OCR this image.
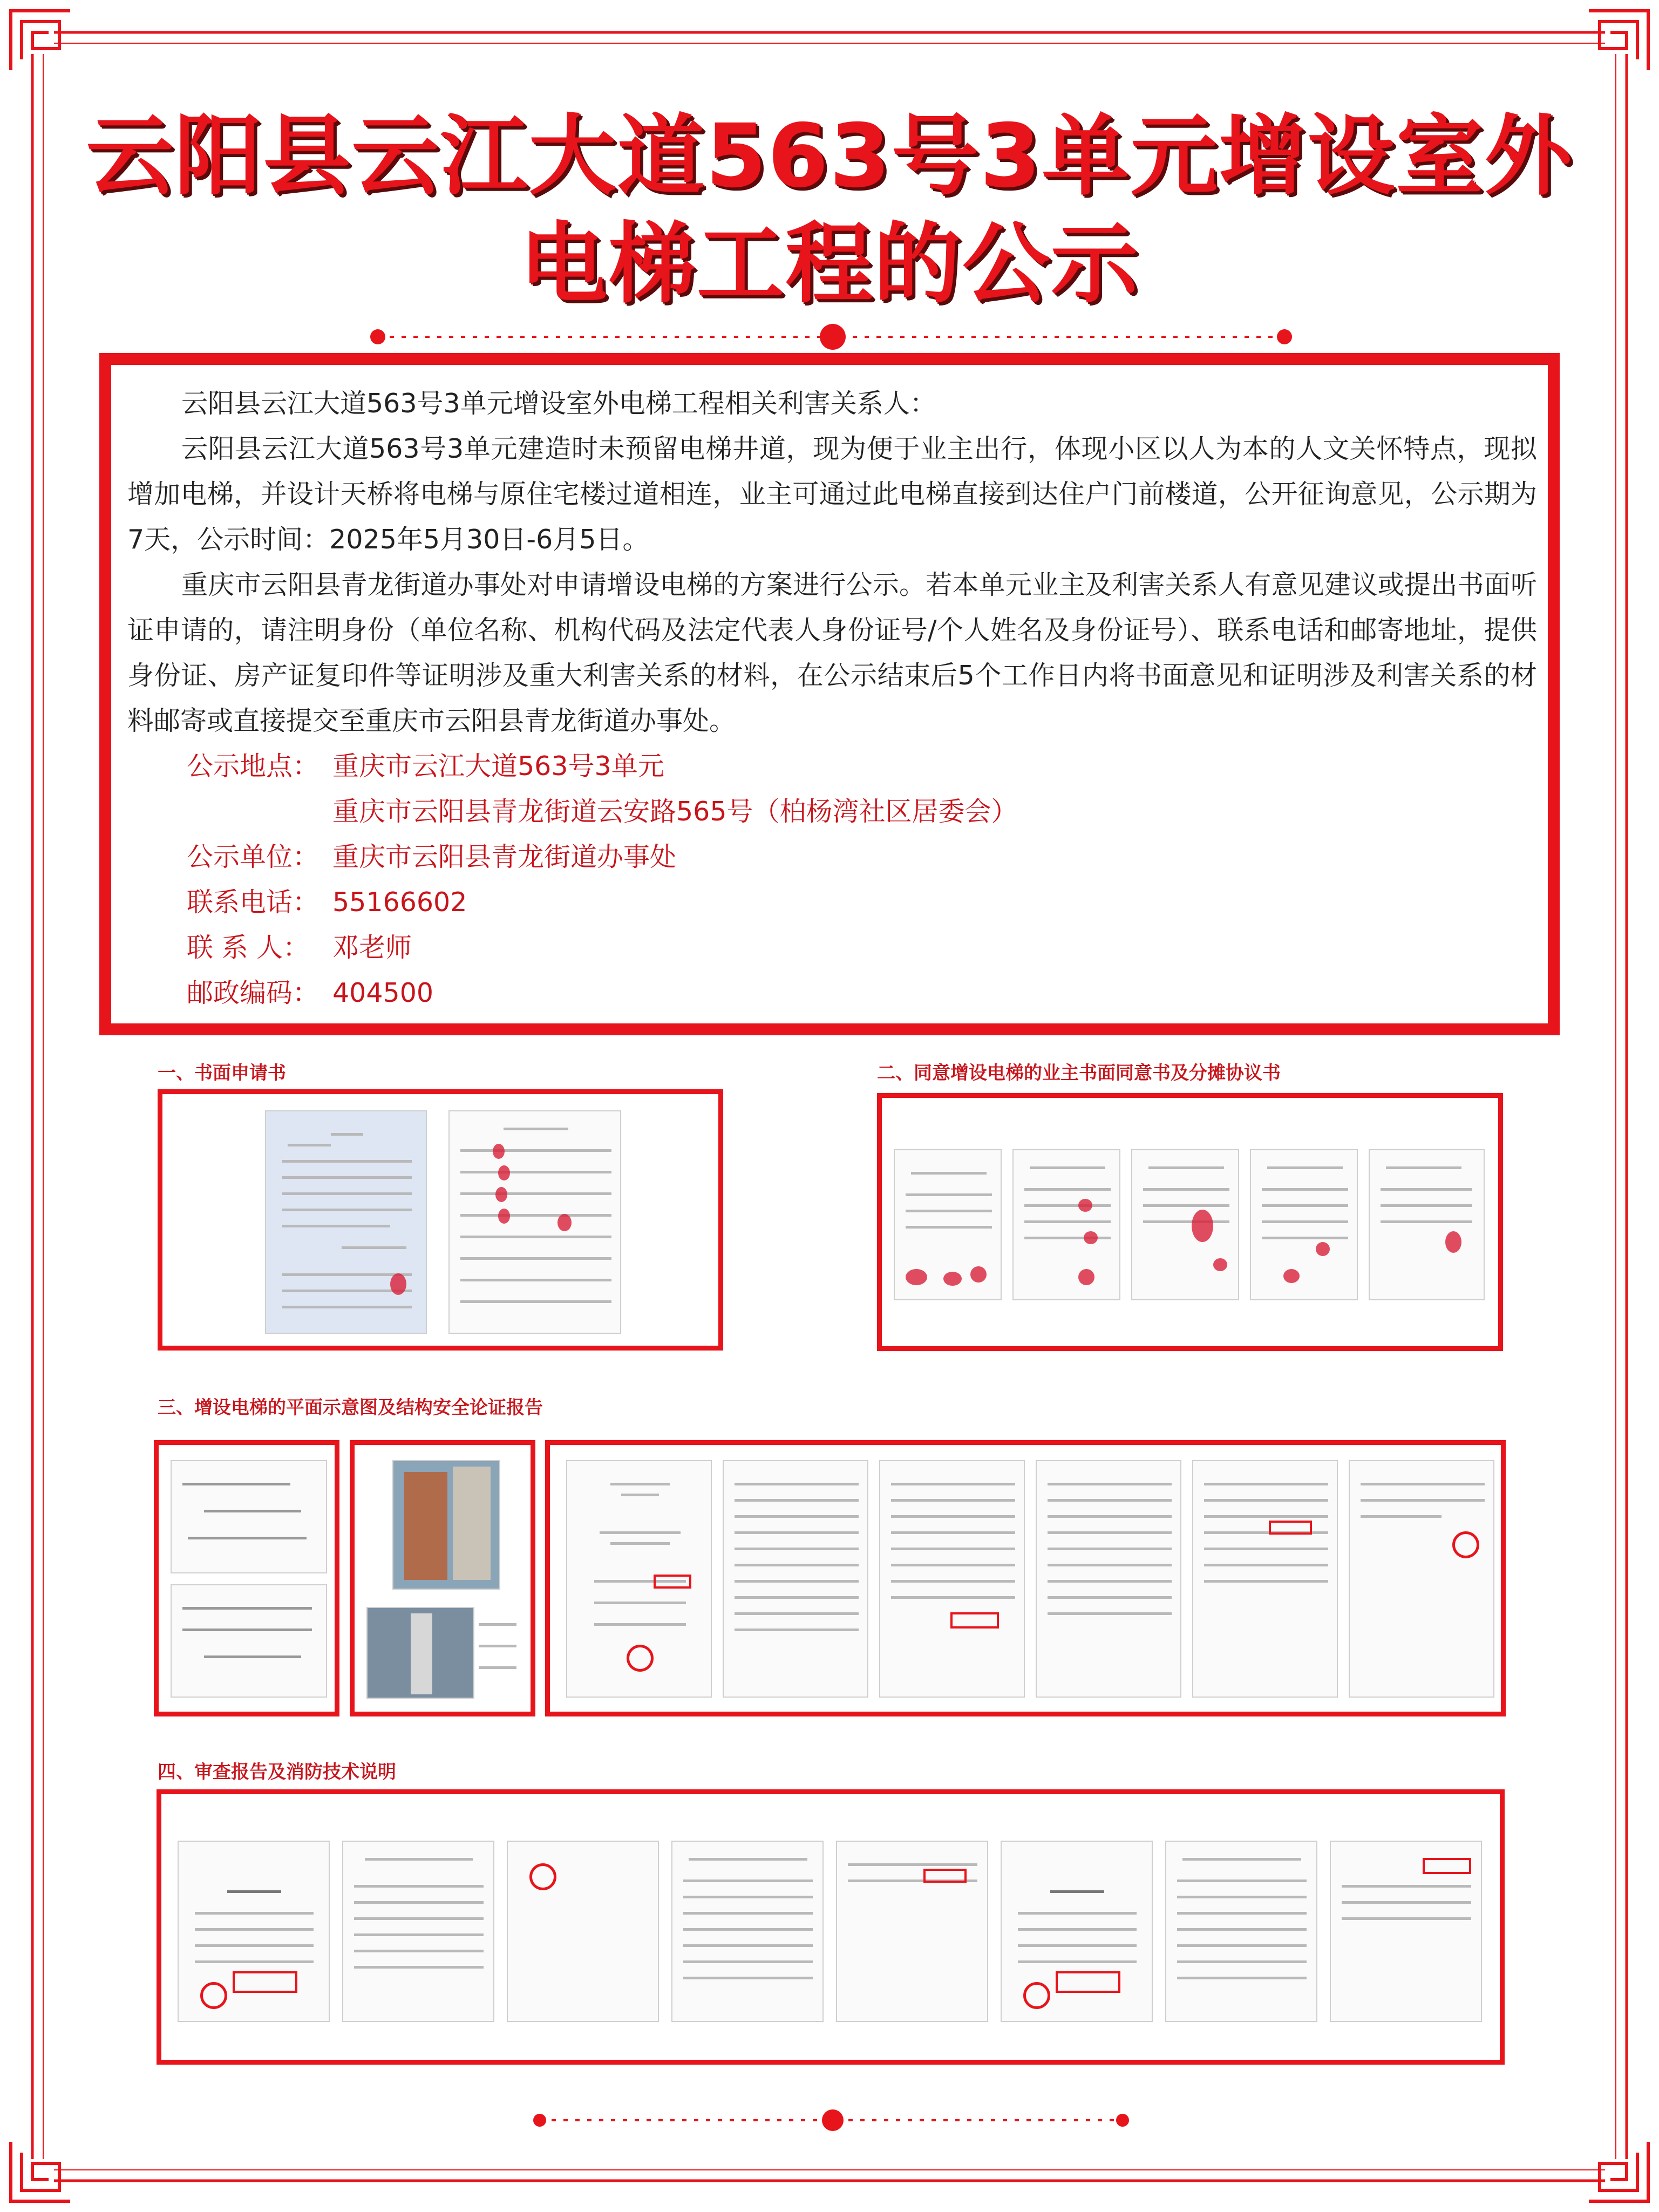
云阳县云江大道563号3单元增设室外
电梯工程的公示

云阳县云江大道563号3单元增设室外电梯工程相关利害关系人：

云阳县云江大道563号3单元建造时未预留电梯井道，现为便于业主出行，体现小区以人为本的人文关怀特点，现拟增加电梯，并设计天桥将电梯与原住宅楼过道相连，业主可通过此电梯直接到达住户门前楼道，公开征询意见，公示期为7天，公示时间：2025年5月30日-6月5日。

重庆市云阳县青龙街道办事处对申请增设电梯的方案进行公示。若本单元业主及利害关系人有意见建议或提出书面听证申请的，请注明身份（单位名称、机构代码及法定代表人身份证号/个人姓名及身份证号）、联系电话和邮寄地址，提供身份证、房产证复印件等证明涉及重大利害关系的材料，在公示结束后5个工作日内将书面意见和证明涉及利害关系的材料邮寄或直接提交至重庆市云阳县青龙街道办事处。

公示地点： 重庆市云江大道563号3单元

重庆市云阳县青龙街道云安路565号（柏杨湾社区居委会）

公示单位： 重庆市云阳县青龙街道办事处

联系电话： 55166602

联 系 人： 邓老师

邮政编码： 404500

一、书面申请书	二、同意增设电梯的业主书面同意书及分摊协议书
三、增设电梯的平面示意图及结构安全论证报告
四、审查报告及消防技术说明
